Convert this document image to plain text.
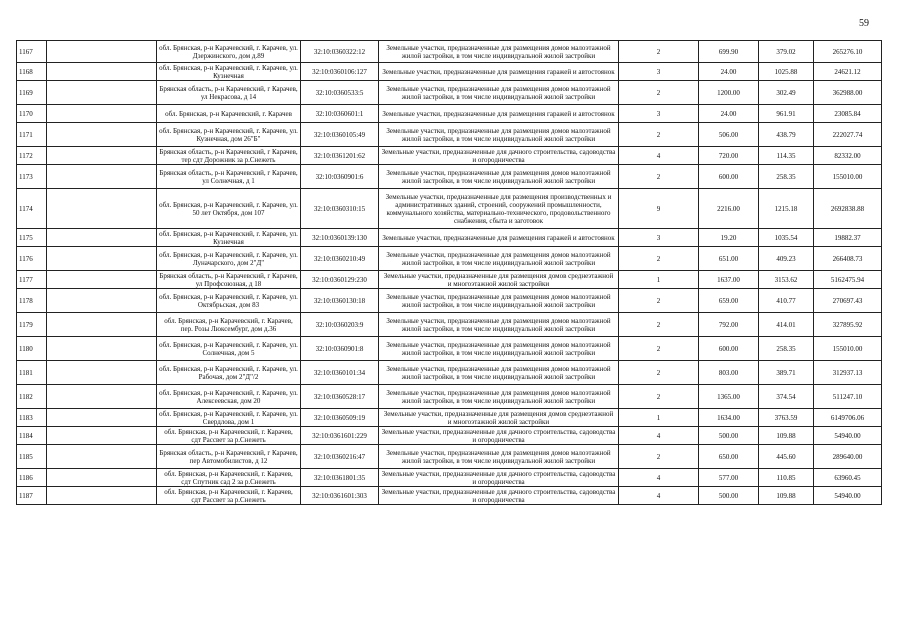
59
1167		обл. Брянская, р-н Карачевский, г. Карачев, ул. Дзержинского, дом д.89	32:10:0360322:12	Земельные участки, предназначенные для размещения домов малоэтажной жилой застройки, в том числе индивидуальной жилой застройки	2	699.90	379.02	265276.10
1168		обл. Брянская, р-н Карачевский, г. Карачев, ул. Кузнечная	32:10:0360106:127	Земельные участки, предназначенные для размещения гаражей и автостоянок	3	24.00	1025.88	24621.12
1169		Брянская область, р-н Карачевский, г Карачев, ул Некрасова, д 14	32:10:0360533:5	Земельные участки, предназначенные для размещения домов малоэтажной жилой застройки, в том числе индивидуальной жилой застройки	2	1200.00	302.49	362988.00
1170		обл. Брянская, р-н Карачевский, г. Карачев	32:10:0360601:1	Земельные участки, предназначенные для размещения гаражей и автостоянок	3	24.00	961.91	23085.84
1171		обл. Брянская, р-н Карачевский, г. Карачев, ул. Кузнечная, дом 26"Б"	32:10:0360105:49	Земельные участки, предназначенные для размещения домов малоэтажной жилой застройки, в том числе индивидуальной жилой застройки	2	506.00	438.79	222027.74
1172		Брянская область, р-н Карачевский, г Карачев, тер сдт Дорожник за р.Снежеть	32:10:0361201:62	Земельные участки, предназначенные для дачного строительства, садоводства и огородничества	4	720.00	114.35	82332.00
1173		Брянская область, р-н Карачевский, г Карачев, ул Солнечная, д 1	32:10:0360901:6	Земельные участки, предназначенные для размещения домов малоэтажной жилой застройки, в том числе индивидуальной жилой застройки	2	600.00	258.35	155010.00
1174		обл. Брянская, р-н Карачевский, г. Карачев, ул. 50 лет Октября, дом 107	32:10:0360310:15	Земельные участки, предназначенные для размещения производственных и административных зданий, строений, сооружений промышленности, коммунального хозяйства, материально-технического, продовольственного снабжения, сбыта и заготовок	9	2216.00	1215.18	2692838.88
1175		обл. Брянская, р-н Карачевский, г. Карачев, ул. Кузнечная	32:10:0360139:130	Земельные участки, предназначенные для размещения гаражей и автостоянок	3	19.20	1035.54	19882.37
1176		обл. Брянская, р-н Карачевский, г. Карачев, ул. Луначарского, дом 2"Д"	32:10:0360210:49	Земельные участки, предназначенные для размещения домов малоэтажной жилой застройки, в том числе индивидуальной жилой застройки	2	651.00	409.23	266408.73
1177		Брянская область, р-н Карачевский, г Карачев, ул Профсоюзная, д 18	32:10:0360129:230	Земельные участки, предназначенные для размещения домов среднеэтажной и многоэтажной жилой застройки	1	1637.00	3153.62	5162475.94
1178		обл. Брянская, р-н Карачевский, г. Карачев, ул. Октябрьская, дом 83	32:10:0360130:18	Земельные участки, предназначенные для размещения домов малоэтажной жилой застройки, в том числе индивидуальной жилой застройки	2	659.00	410.77	270697.43
1179		обл. Брянская, р-н Карачевский, г. Карачев, пер. Розы Люксембург, дом д.36	32:10:0360203:9	Земельные участки, предназначенные для размещения домов малоэтажной жилой застройки, в том числе индивидуальной жилой застройки	2	792.00	414.01	327895.92
1180		обл. Брянская, р-н Карачевский, г. Карачев, ул. Солнечная, дом 5	32:10:0360901:8	Земельные участки, предназначенные для размещения домов малоэтажной жилой застройки, в том числе индивидуальной жилой застройки	2	600.00	258.35	155010.00
1181		обл. Брянская, р-н Карачевский, г. Карачев, ул. Рабочая, дом 2"Д"/2	32:10:0360101:34	Земельные участки, предназначенные для размещения домов малоэтажной жилой застройки, в том числе индивидуальной жилой застройки	2	803.00	389.71	312937.13
1182		обл. Брянская, р-н Карачевский, г. Карачев, ул. Алексеевская, дом 20	32:10:0360528:17	Земельные участки, предназначенные для размещения домов малоэтажной жилой застройки, в том числе индивидуальной жилой застройки	2	1365.00	374.54	511247.10
1183		обл. Брянская, р-н Карачевский, г. Карачев, ул. Свердлова, дом 1	32:10:0360509:19	Земельные участки, предназначенные для размещения домов среднеэтажной и многоэтажной жилой застройки	1	1634.00	3763.59	6149706.06
1184		обл. Брянская, р-н Карачевский, г. Карачев, сдт Рассвет за р.Снежеть	32:10:0361601:229	Земельные участки, предназначенные для дачного строительства, садоводства и огородничества	4	500.00	109.88	54940.00
1185		Брянская область, р-н Карачевский, г Карачев, пер Автомобилистов, д 12	32:10:0360216:47	Земельные участки, предназначенные для размещения домов малоэтажной жилой застройки, в том числе индивидуальной жилой застройки	2	650.00	445.60	289640.00
1186		обл. Брянская, р-н Карачевский, г. Карачев, сдт Спутник сад 2 за р.Снежеть	32:10:0361801:35	Земельные участки, предназначенные для дачного строительства, садоводства и огородничества	4	577.00	110.85	63960.45
1187		обл. Брянская, р-н Карачевский, г. Карачев, сдт Рассвет за р.Снежеть	32:10:0361601:303	Земельные участки, предназначенные для дачного строительства, садоводства и огородничества	4	500.00	109.88	54940.00
